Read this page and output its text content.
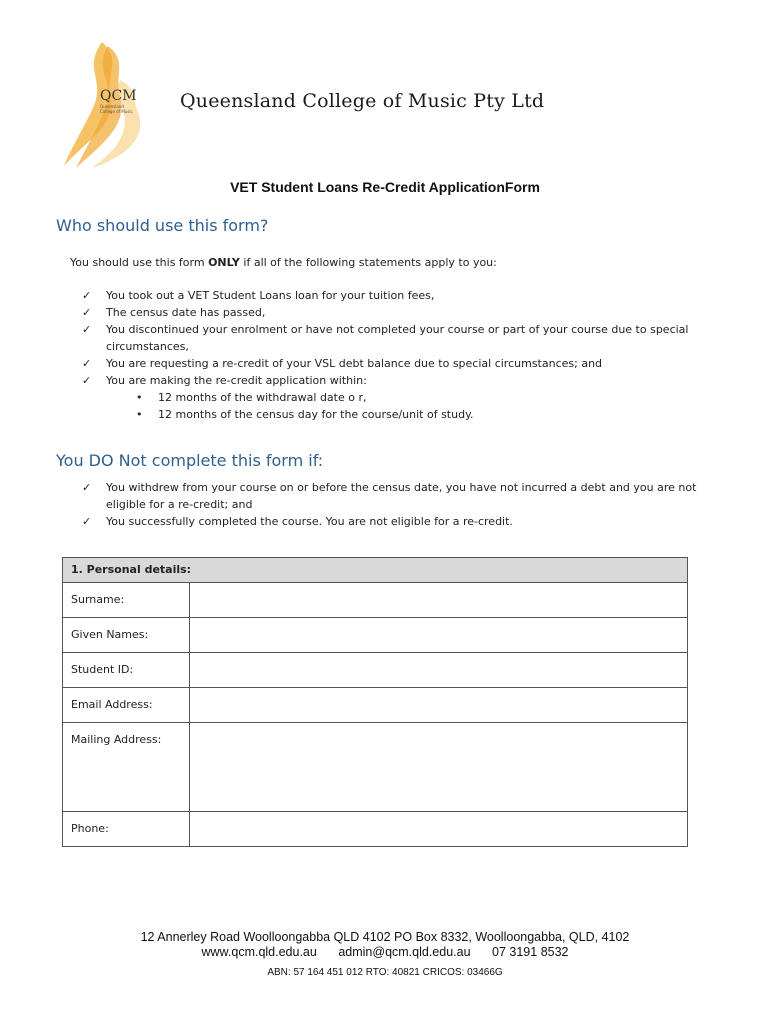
QCM
Queensland
College of Music Queensland College of Music Pty Ltd
VET Student Loans Re-Credit ApplicationForm
Who should use this form?
You should use this form ONLY if all of the following statements apply to you:
✓ You took out a VET Student Loans loan for your tuition fees,
✓ The census date has passed,
✓ You discontinued your enrolment or have not completed your course or part of your course due to special circumstances,
✓ You are requesting a re-credit of your VSL debt balance due to special circumstances; and
✓ You are making the re-credit application within:
• 12 months of the withdrawal date o r,
• 12 months of the census day for the course/unit of study.
You DO Not complete this form if:
✓ You withdrew from your course on or before the census date, you have not incurred a debt and you are not eligible for a re-credit; and
✓ You successfully completed the course. You are not eligible for a re-credit.
1. Personal details:	
Surname:	
Given Names:	
Student ID:	
Email Address:	
Mailing Address:	
Phone:	
12 Annerley Road Woolloongabba QLD 4102 PO Box 8332, Woolloongabba, QLD, 4102
www.qcm.qld.edu.au admin@qcm.qld.edu.au 07 3191 8532
ABN: 57 164 451 012 RTO: 40821 CRICOS: 03466G
